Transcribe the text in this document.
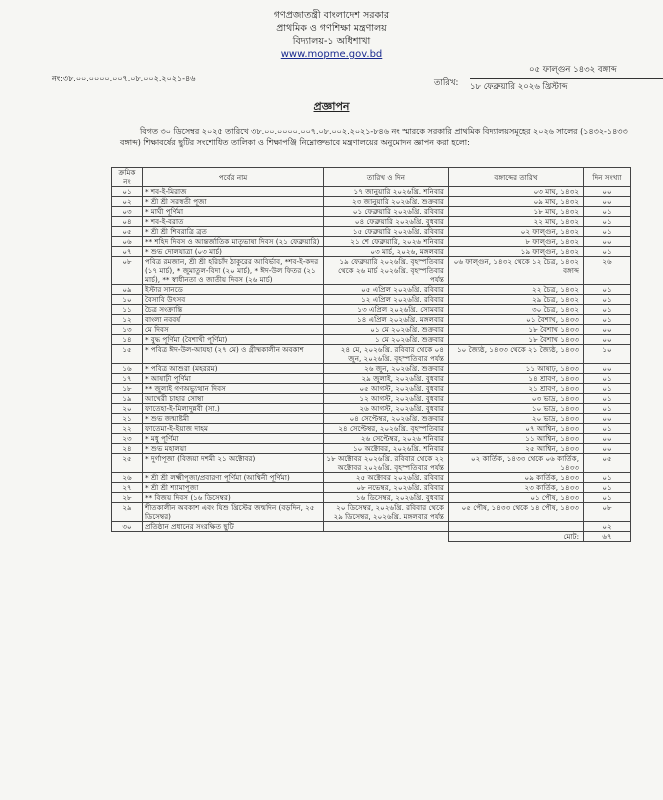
গণপ্রজাতন্ত্রী বাংলাদেশ সরকার
প্রাথমিক ও গণশিক্ষা মন্ত্রণালয়
বিদ্যালয়-১ অধিশাখা
www.mopme.gov.bd
নং:৩৮.০০.০০০০.০০৭.০৮.০০২.২০২১-৪৬	তারিখ:
০৫ ফাল্গুন ১৪৩২ বঙ্গাব্দ
১৮ ফেব্রুয়ারি ২০২৬ খ্রিস্টাব্দ
প্রজ্ঞাপন

বিগত ৩০ ডিসেম্বর ২০২৫ তারিখে ৩৮.০০.০০০০.০০৭.০৮.০০২.২০২১-৮৪৬ নং স্মারকে সরকারি প্রাথমিক বিদ্যালয়সমূহের ২০২৬ সালের (১৪৩২-১৪৩৩ বঙ্গাব্দ) শিক্ষাবর্ষের ছুটির সংশোধিত তালিকা ও শিক্ষাপঞ্জি নিম্নোক্তভাবে মন্ত্রণালয়ের অনুমোদন জ্ঞাপন করা হলো:

ক্রমিক নং	পর্বের নাম	তারিখ ও দিন	বঙ্গাব্দের তারিখ	দিন সংখ্যা
০১	* শব-ই-মিরাজ	১৭ জানুয়ারি ২০২৬খ্রি. শনিবার	০৩ মাঘ, ১৪৩২	০০
০২	* শ্রী শ্রী সরস্বতী পূজা	২৩ জানুয়ারি ২০২৬খ্রি. শুক্রবার	০৯ মাঘ, ১৪৩২	০০
০৩	* মাঘী পূর্ণিমা	০১ ফেব্রুয়ারি ২০২৬খ্রি. রবিবার	১৮ মাঘ, ১৪৩২	০১
০৪	* শব-ই-বরাত	০৪ ফেব্রুয়ারি ২০২৬খ্রি. বুধবার	২২ মাঘ, ১৪৩২	০১
০৫	* শ্রী শ্রী শিবরাত্রি ব্রত	১৫ ফেব্রুয়ারি ২০২৬খ্রি. রবিবার	০২ ফাল্গুন, ১৪৩২	০১
০৬	** শহিদ দিবস ও আন্তর্জাতিক মাতৃভাষা দিবস (২১ ফেব্রুয়ারি)	২১ শে ফেব্রুয়ারি, ২০২৬ শনিবার	৮ ফাল্গুন, ১৪৩২	০০
০৭	* শুভ দোলযাত্রা (০৩ মার্চ)	০৩ মার্চ, ২০২৬, মঙ্গলবার	১৯ ফাল্গুন, ১৪৩২	০১
০৮	পবিত্র রমজান, শ্রী শ্রী হরিচাঁদ ঠাকুরের আবির্ভাব, *শব-ই-কদর (১৭ মার্চ), * জুমাতুল-বিদা (২০ মার্চ), * ঈদ-উল ফিতর (২১ মার্চ), ** স্বাধীনতা ও জাতীয় দিবস (২৬ মার্চ)	১৯ ফেব্রুয়ারি ২০২৬খ্রি. বৃহস্পতিবার থেকে ২৬ মার্চ ২০২৬খ্রি. বৃহস্পতিবার পর্যন্ত	০৬ ফাল্গুন, ১৪৩২ থেকে ১২ চৈত্র, ১৪৩২ বঙ্গাব্দ	২৬
০৯	ইস্টার সানডে	০৫ এপ্রিল ২০২৬খ্রি. রবিবার	২২ চৈত্র, ১৪৩২	০১
১০	বৈসাবি উৎসব	১২ এপ্রিল ২০২৬খ্রি. রবিবার	২৯ চৈত্র, ১৪৩২	০১
১১	চৈত্র সংক্রান্তি	১৩ এপ্রিল ২০২৬খ্রি. সোমবার	৩০ চৈত্র, ১৪৩২	০১
১২	বাংলা নববর্ষ	১৪ এপ্রিল ২০২৬খ্রি. মঙ্গলবার	০১ বৈশাখ, ১৪৩৩	০১
১৩	মে দিবস	০১ মে ২০২৬খ্রি. শুক্রবার	১৮ বৈশাখ ১৪৩৩	০০
১৪	* বুদ্ধ পূর্ণিমা (বৈশাখী পূর্ণিমা)	১ মে ২০২৬খ্রি. শুক্রবার	১৮ বৈশাখ ১৪৩৩	০০
১৫	* পবিত্র ঈদ-উল-আযহা (২৭ মে) ও গ্রীষ্মকালীন অবকাশ	২৪ মে, ২০২৬খ্রি. রবিবার থেকে ০৪ জুন, ২০২৬খ্রি. বৃহস্পতিবার পর্যন্ত	১০ জ্যৈষ্ঠ, ১৪৩৩ থেকে ২১ জ্যৈষ্ঠ, ১৪৩৩	১০
১৬	* পবিত্র আশুরা (মহররম)	২৬ জুন, ২০২৬খ্রি. শুক্রবার	১১ আষাঢ়, ১৪৩৩	০০
১৭	* আষাঢ়ী পূর্ণিমা	২৯ জুলাই, ২০২৬খ্রি. বুধবার	১৪ শ্রাবণ, ১৪৩৩	০১
১৮	** জুলাই গণঅভ্যুত্থান দিবস	০৫ আগস্ট, ২০২৬খ্রি. বুধবার	২১ শ্রাবণ, ১৪৩৩	০১
১৯	আখেরী চাহার সোম্বা	১২ আগস্ট, ২০২৬খ্রি. বুধবার	০৩ ভাদ্র, ১৪৩৩	০১
২০	ফাতেহা-ই-মিলাদুন্নবী (সা.)	২৬ আগস্ট, ২০২৬খ্রি. বুধবার	১০ ভাদ্র, ১৪৩৩	০১
২১	* শুভ জন্মাষ্টমী	০৪ সেপ্টেম্বর, ২০২৬খ্রি. শুক্রবার	২০ ভাদ্র, ১৪৩৩	০০
২২	ফাতেমা-ই-ইয়াজ দাহম	২৪ সেপ্টেম্বর, ২০২৬খ্রি. বৃহস্পতিবার	০৭ আশ্বিন, ১৪৩৩	০১
২৩	* মধু পূর্ণিমা	২৬ সেপ্টেম্বর, ২০২৬ শনিবার	১১ আশ্বিন, ১৪৩৩	০০
২৪	* শুভ মহালয়া	১০ অক্টোবর, ২০২৬খ্রি. শনিবার	২৫ আশ্বিন, ১৪৩৩	০০
২৫	* দুর্গাপূজা (বিজয়া দশমী ২১ অক্টোবর)	১৮ অক্টোবর ২০২৬খ্রি. রবিবার থেকে ২২ অক্টোবর ২০২৬খ্রি. বৃহস্পতিবার পর্যন্ত	০২ কার্তিক, ১৪৩৩ থেকে ০৬ কার্তিক, ১৪৩৩	০৫
২৬	* শ্রী শ্রী লক্ষ্মীপূজা/প্রবারণা পূর্ণিমা (আশ্বিনী পূর্ণিমা)	২৫ অক্টোবর ২০২৬খ্রি. রবিবার	০৯ কার্তিক, ১৪৩৩	০১
২৭	* শ্রী শ্রী শ্যামাপূজা	০৮ নভেম্বর, ২০২৬খ্রি. রবিবার	২৩ কার্তিক, ১৪৩৩	০১
২৮	** বিজয় দিবস (১৬ ডিসেম্বর)	১৬ ডিসেম্বর, ২০২৬খ্রি. বুধবার	০১ পৌষ, ১৪৩৩	০১
২৯	শীতকালীন অবকাশ এবং যিশু খ্রিস্টের জন্মদিন (বড়দিন, ২৫ ডিসেম্বর)	২০ ডিসেম্বর, ২০২৬খ্রি. রবিবার থেকে ২৯ ডিসেম্বর, ২০২৬খ্রি. মঙ্গলবার পর্যন্ত	০৫ পৌষ, ১৪৩৩ থেকে ১৪ পৌষ, ১৪৩৩	০৮
৩০	প্রতিষ্ঠান প্রধানের সংরক্ষিত ছুটি			০২
			মোট:	৬৭
